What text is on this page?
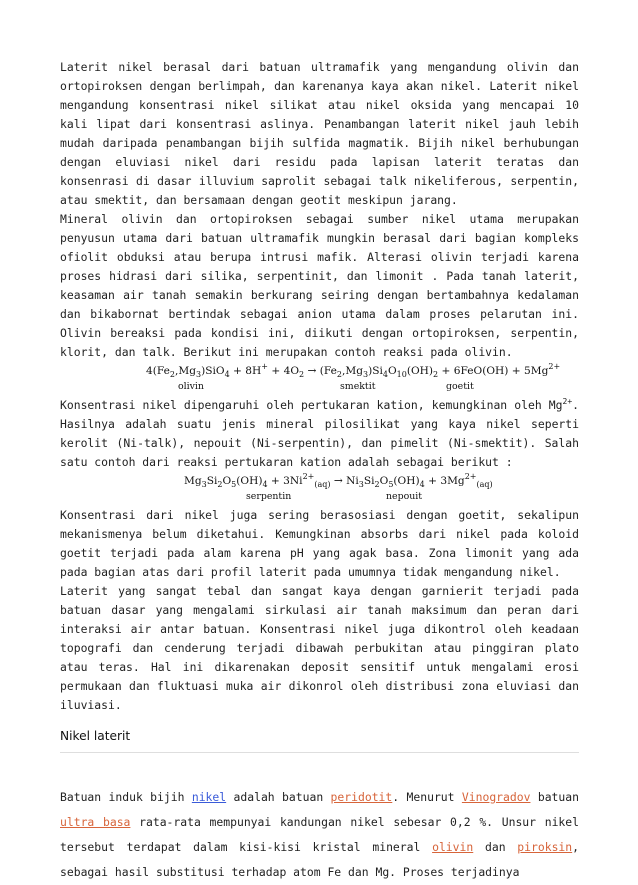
Laterit nikel berasal dari batuan ultramafik yang mengandung olivin dan ortopiroksen dengan berlimpah, dan karenanya kaya akan nikel. Laterit nikel mengandung konsentrasi nikel silikat atau nikel oksida yang mencapai 10 kali lipat dari konsentrasi aslinya. Penambangan laterit nikel jauh lebih mudah daripada penambangan bijih sulfida magmatik. Bijih nikel berhubungan dengan eluviasi nikel dari residu pada lapisan laterit teratas dan konsenrasi di dasar illuvium saprolit sebagai talk nikeliferous, serpentin, atau smektit, dan bersamaan dengan geotit meskipun jarang.

Mineral olivin dan ortopiroksen sebagai sumber nikel utama merupakan penyusun utama dari batuan ultramafik mungkin berasal dari bagian kompleks ofiolit obduksi atau berupa intrusi mafik. Alterasi olivin terjadi karena proses hidrasi dari silika, serpentinit, dan limonit . Pada tanah laterit, keasaman air tanah semakin berkurang seiring dengan bertambahnya kedalaman dan bikabornat bertindak sebagai anion utama dalam proses pelarutan ini. Olivin bereaksi pada kondisi ini, diikuti dengan ortopiroksen, serpentin, klorit, dan talk. Berikut ini merupakan contoh reaksi pada olivin.

$4(Fe_2,Mg_3)SiO_4 + 8H^+ + 4O_2 \to (Fe_2,Mg_3)Si_4O_{10}(OH)_2 + 6FeO(OH) + 5Mg^{2+}$
olivin	smektit	goetit

Konsentrasi nikel dipengaruhi oleh pertukaran kation, kemungkinan oleh $Mg^{2+}$. Hasilnya adalah suatu jenis mineral pilosilikat yang kaya nikel seperti kerolit (Ni-talk), nepouit (Ni-serpentin), dan pimelit (Ni-smektit). Salah satu contoh dari reaksi pertukaran kation adalah sebagai berikut :

$Mg_3Si_2O_5(OH)_4 + 3Ni^{2+}_{(aq)} \to Ni_3Si_2O_5(OH)_4 + 3Mg^{2+}_{(aq)}$
serpentin	nepouit

Konsentrasi dari nikel juga sering berasosiasi dengan goetit, sekalipun mekanismenya belum diketahui. Kemungkinan absorbs dari nikel pada koloid goetit terjadi pada alam karena pH yang agak basa. Zona limonit yang ada pada bagian atas dari profil laterit pada umumnya tidak mengandung nikel.

Laterit yang sangat tebal dan sangat kaya dengan garnierit terjadi pada batuan dasar yang mengalami sirkulasi air tanah maksimum dan peran dari interaksi air antar batuan. Konsentrasi nikel juga dikontrol oleh keadaan topografi dan cenderung terjadi dibawah perbukitan atau pinggiran plato atau teras. Hal ini dikarenakan deposit sensitif untuk mengalami erosi permukaan dan fluktuasi muka air dikonrol oleh distribusi zona eluviasi dan iluviasi.

Nikel laterit

Batuan induk bijih nikel adalah batuan peridotit. Menurut Vinogradov batuan ultra basa rata-rata mempunyai kandungan nikel sebesar 0,2 %. Unsur nikel tersebut terdapat dalam kisi-kisi kristal mineral olivin dan piroksin, sebagai hasil substitusi terhadap atom Fe dan Mg. Proses terjadinya
